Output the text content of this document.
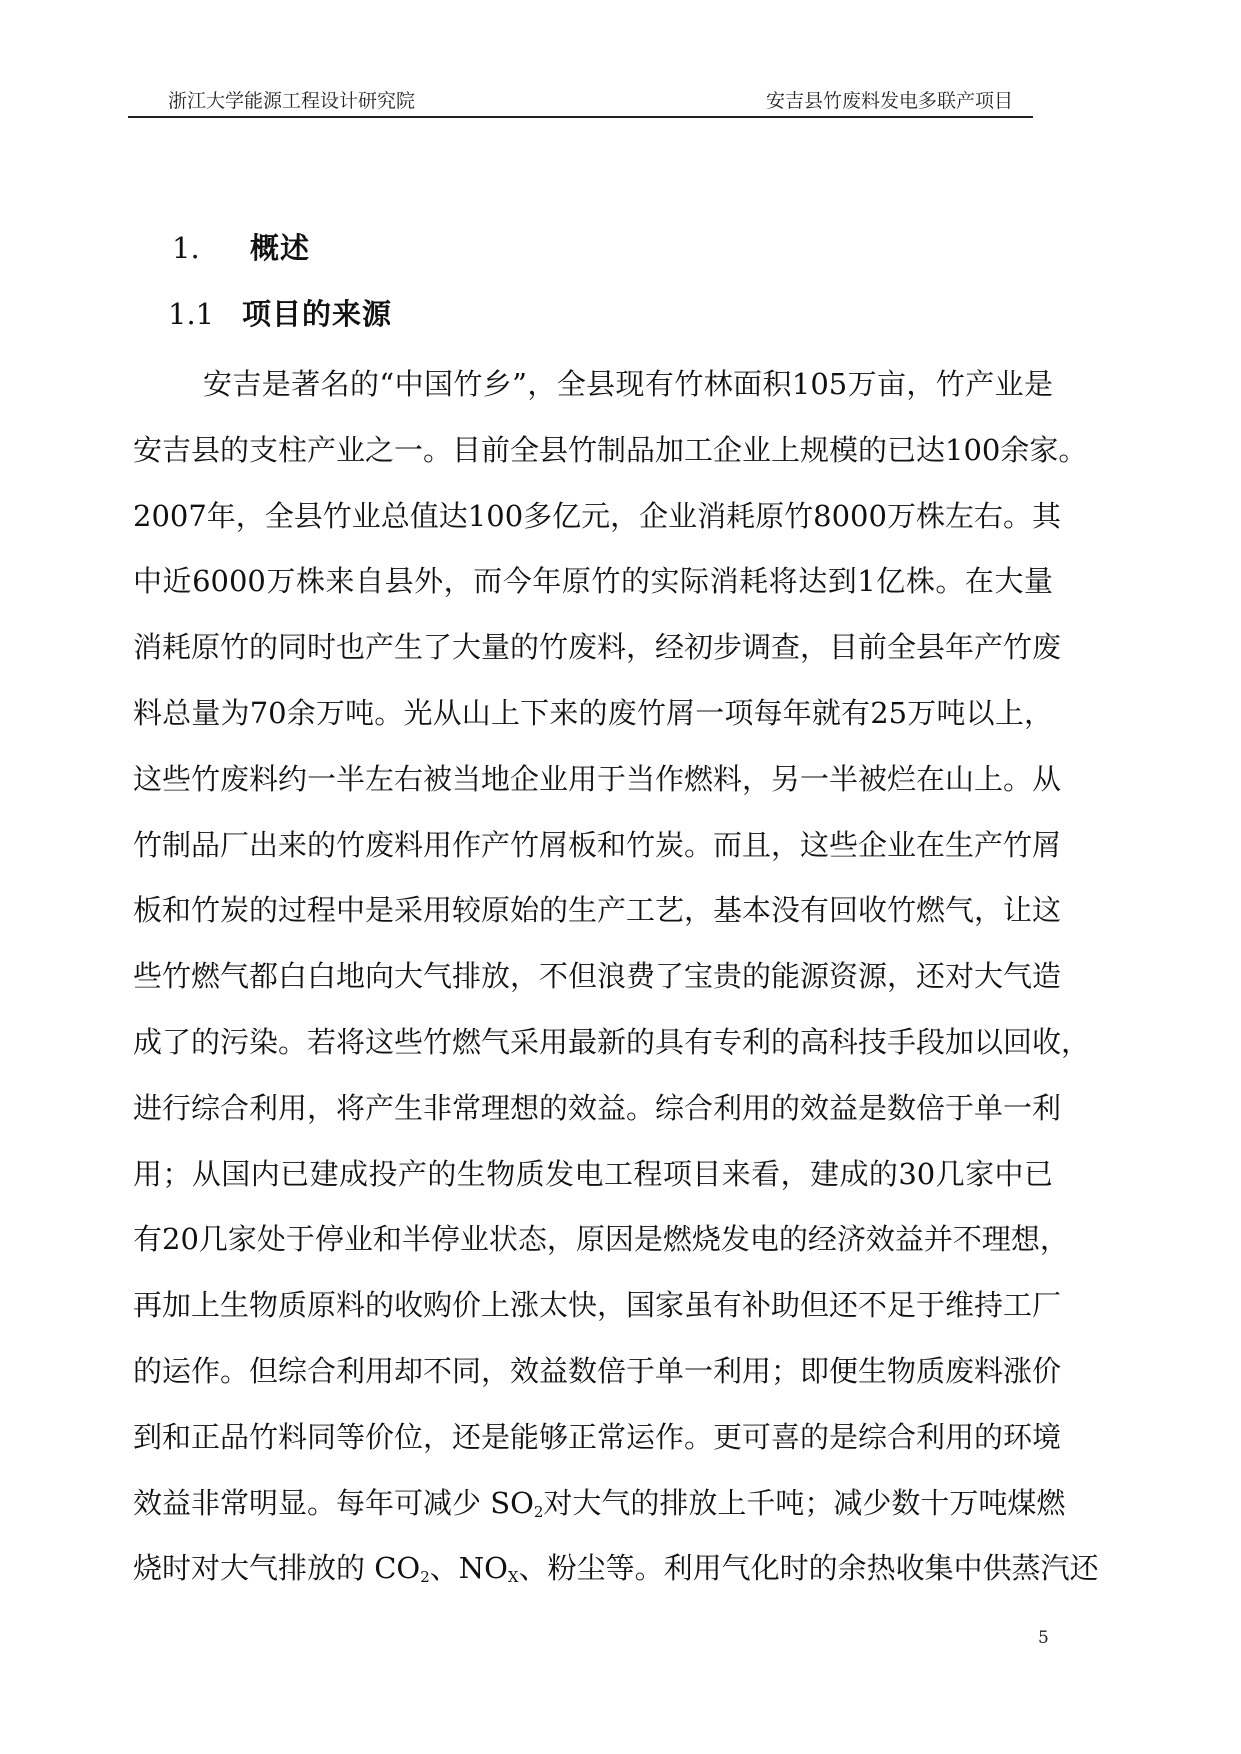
浙江大学能源工程设计研究院	安吉县竹废料发电多联产项目
1. 概述
1.1 项目的来源
安吉是著名的“中国竹乡”，全县现有竹林面积105万亩，竹产业是
安吉县的支柱产业之一。目前全县竹制品加工企业上规模的已达100余家。
2007年，全县竹业总值达100多亿元，企业消耗原竹8000万株左右。其
中近6000万株来自县外，而今年原竹的实际消耗将达到1亿株。在大量
消耗原竹的同时也产生了大量的竹废料，经初步调查，目前全县年产竹废
料总量为70余万吨。光从山上下来的废竹屑一项每年就有25万吨以上，
这些竹废料约一半左右被当地企业用于当作燃料，另一半被烂在山上。从
竹制品厂出来的竹废料用作产竹屑板和竹炭。而且，这些企业在生产竹屑
板和竹炭的过程中是采用较原始的生产工艺，基本没有回收竹燃气，让这
些竹燃气都白白地向大气排放，不但浪费了宝贵的能源资源，还对大气造
成了的污染。若将这些竹燃气采用最新的具有专利的高科技手段加以回收，
进行综合利用，将产生非常理想的效益。综合利用的效益是数倍于单一利
用；从国内已建成投产的生物质发电工程项目来看，建成的30几家中已
有20几家处于停业和半停业状态，原因是燃烧发电的经济效益并不理想，
再加上生物质原料的收购价上涨太快，国家虽有补助但还不足于维持工厂
的运作。但综合利用却不同，效益数倍于单一利用；即便生物质废料涨价
到和正品竹料同等价位，还是能够正常运作。更可喜的是综合利用的环境
效益非常明显。每年可减少 $SO_2$对大气的排放上千吨；减少数十万吨煤燃
烧时对大气排放的 $CO_2$、$NO_X$、粉尘等。利用气化时的余热收集中供蒸汽还
5
